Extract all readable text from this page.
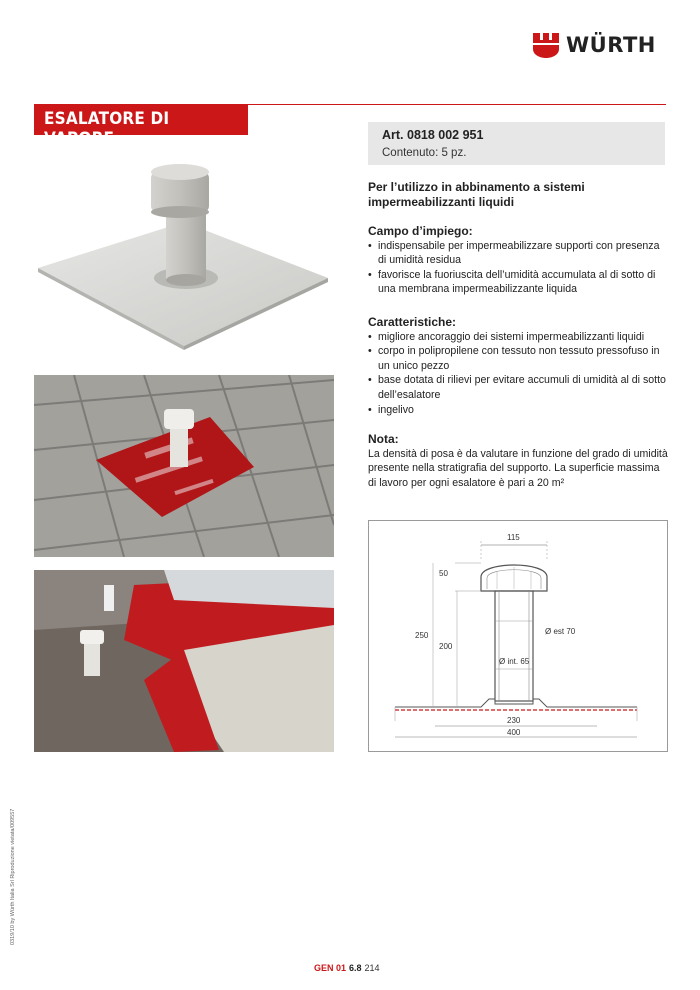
WÜRTH
ESALATORE DI VAPORE	Art. 0818 002 951
Contenuto: 5 pz.
Per l’utilizzo in abbinamento a sistemi impermeabilizzanti liquidi

Campo d’impiego:

• indispensabile per impermeabilizzare supporti con presenza di umidità residua
• favorisce la fuoriuscita dell’umidità accumulata al di sotto di una membrana impermeabilizzante liquida

Caratteristiche:

• migliore ancoraggio dei sistemi impermeabilizzanti liquidi
• corpo in polipropilene con tessuto non tessuto pressofuso in un unico pezzo
• base dotata di rilievi per evitare accumuli di umidità al di sotto dell’esalatore
• ingelivo

Nota:

La densità di posa è da valutare in funzione del grado di umidità presente nella stratigrafia del supporto. La superficie massima di lavoro per ogni esalatore è pari a 20 m²

115
50
Ø est 70
Ø int. 65
250
200
230
400
0319/10 by Würth Italia Srl Riproduzione vietata/009557
GEN 01 6.8 214
